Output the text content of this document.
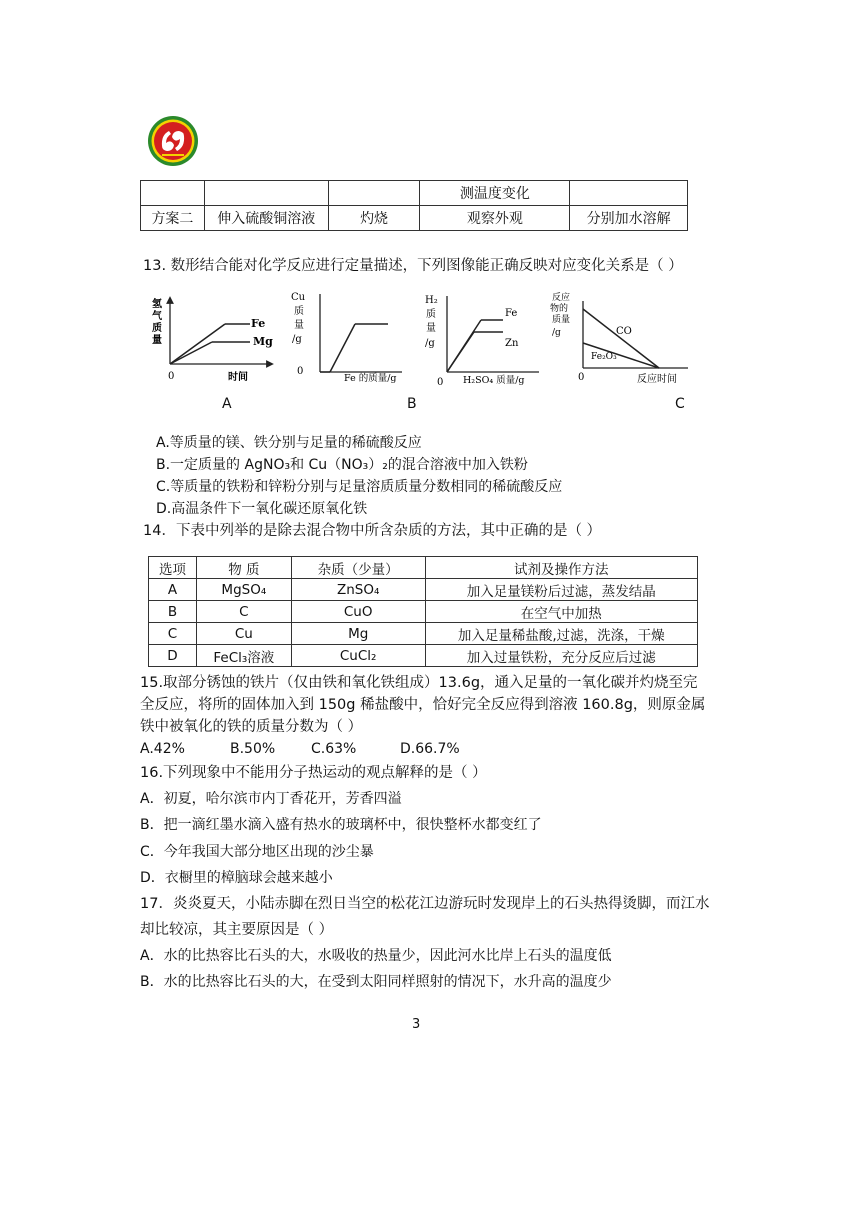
			测温度变化	
方案二	伸入硫酸铜溶液	灼烧	观察外观	分别加水溶解
13. 数形结合能对化学反应进行定量描述，下列图像能正确反映对应变化关系是（ ）
氢
气
质
量
Fe
Mg
0	时间
Cu
质
量
/g
0
Fe 的质量/g
H₂
质
量
/g
Fe
Zn
0 H₂SO₄ 质量/g
反应
物的
质量
/g	CO
Fe₂O₃
0	反应时间
A	B	C
A.等质量的镁、铁分别与足量的稀硫酸反应
B.一定质量的 AgNO₃和 Cu（NO₃）₂的混合溶液中加入铁粉
C.等质量的铁粉和锌粉分别与足量溶质质量分数相同的稀硫酸反应
D.高温条件下一氧化碳还原氧化铁
14．下表中列举的是除去混合物中所含杂质的方法，其中正确的是（ ）
选项	物 质	杂质（少量）	试剂及操作方法
A	MgSO₄	ZnSO₄	加入足量镁粉后过滤，蒸发结晶
B	C	CuO	在空气中加热
C	Cu	Mg	加入足量稀盐酸,过滤，洗涤，干燥
D	FeCl₃溶液	CuCl₂	加入过量铁粉，充分反应后过滤
15.取部分锈蚀的铁片（仅由铁和氧化铁组成）13.6g，通入足量的一氧化碳并灼烧至完
全反应，将所的固体加入到 150g 稀盐酸中，恰好完全反应得到溶液 160.8g，则原金属
铁中被氧化的铁的质量分数为（ ）
A.42%	B.50%	C.63%	D.66.7%
16.下列现象中不能用分子热运动的观点解释的是（ ）
A．初夏，哈尔滨市内丁香花开，芳香四溢
B．把一滴红墨水滴入盛有热水的玻璃杯中，很快整杯水都变红了
C．今年我国大部分地区出现的沙尘暴
D．衣橱里的樟脑球会越来越小
17．炎炎夏天，小陆赤脚在烈日当空的松花江边游玩时发现岸上的石头热得烫脚，而江水
却比较凉，其主要原因是（ ）
A．水的比热容比石头的大，水吸收的热量少，因此河水比岸上石头的温度低
B．水的比热容比石头的大，在受到太阳同样照射的情况下，水升高的温度少
3
